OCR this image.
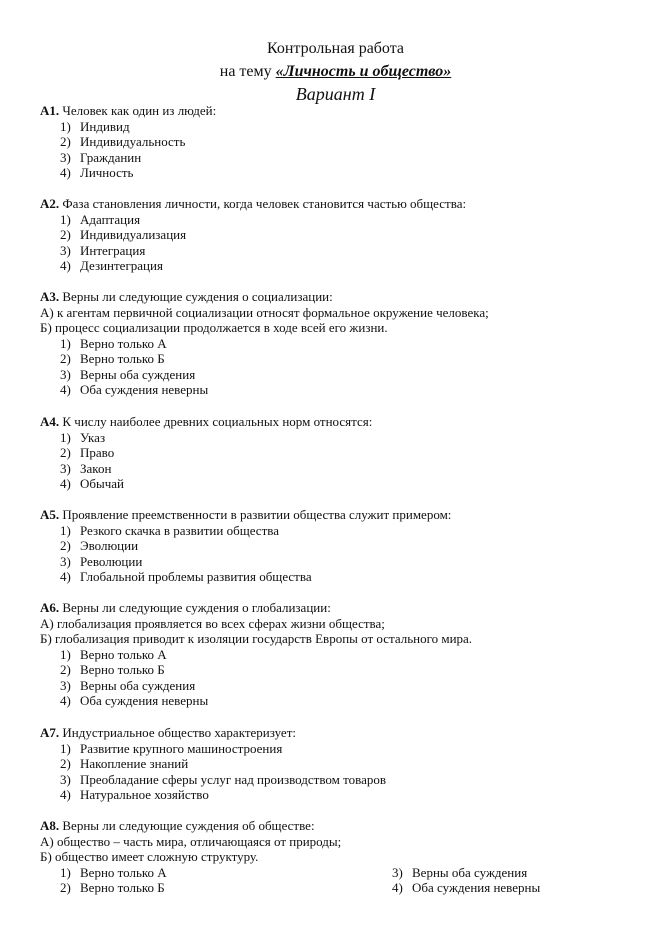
Контрольная работа
на тему «Личность и общество»
Вариант I
А1. Человек как один из людей:
1) Индивид
2) Индивидуальность
3) Гражданин
4) Личность
А2. Фаза становления личности, когда человек становится частью общества:
1) Адаптация
2) Индивидуализация
3) Интеграция
4) Дезинтеграция
А3. Верны ли следующие суждения о социализации:
А) к агентам первичной социализации относят формальное окружение человека;
Б) процесс социализации продолжается в ходе всей его жизни.
1) Верно только А
2) Верно только Б
3) Верны оба суждения
4) Оба суждения неверны
А4. К числу наиболее древних социальных норм относятся:
1) Указ
2) Право
3) Закон
4) Обычай
А5. Проявление преемственности в развитии общества служит примером:
1) Резкого скачка в развитии общества
2) Эволюции
3) Революции
4) Глобальной проблемы развития общества
А6. Верны ли следующие суждения о глобализации:
А) глобализация проявляется во всех сферах жизни общества;
Б) глобализация приводит к изоляции государств Европы от остального мира.
1) Верно только А
2) Верно только Б
3) Верны оба суждения
4) Оба суждения неверны
А7. Индустриальное общество характеризует:
1) Развитие крупного машиностроения
2) Накопление знаний
3) Преобладание сферы услуг над производством товаров
4) Натуральное хозяйство
А8. Верны ли следующие суждения об обществе:
А) общество – часть мира, отличающаяся от природы;
Б) общество имеет сложную структуру.
1) Верно только А
2) Верно только Б
3) Верны оба суждения
4) Оба суждения неверны
